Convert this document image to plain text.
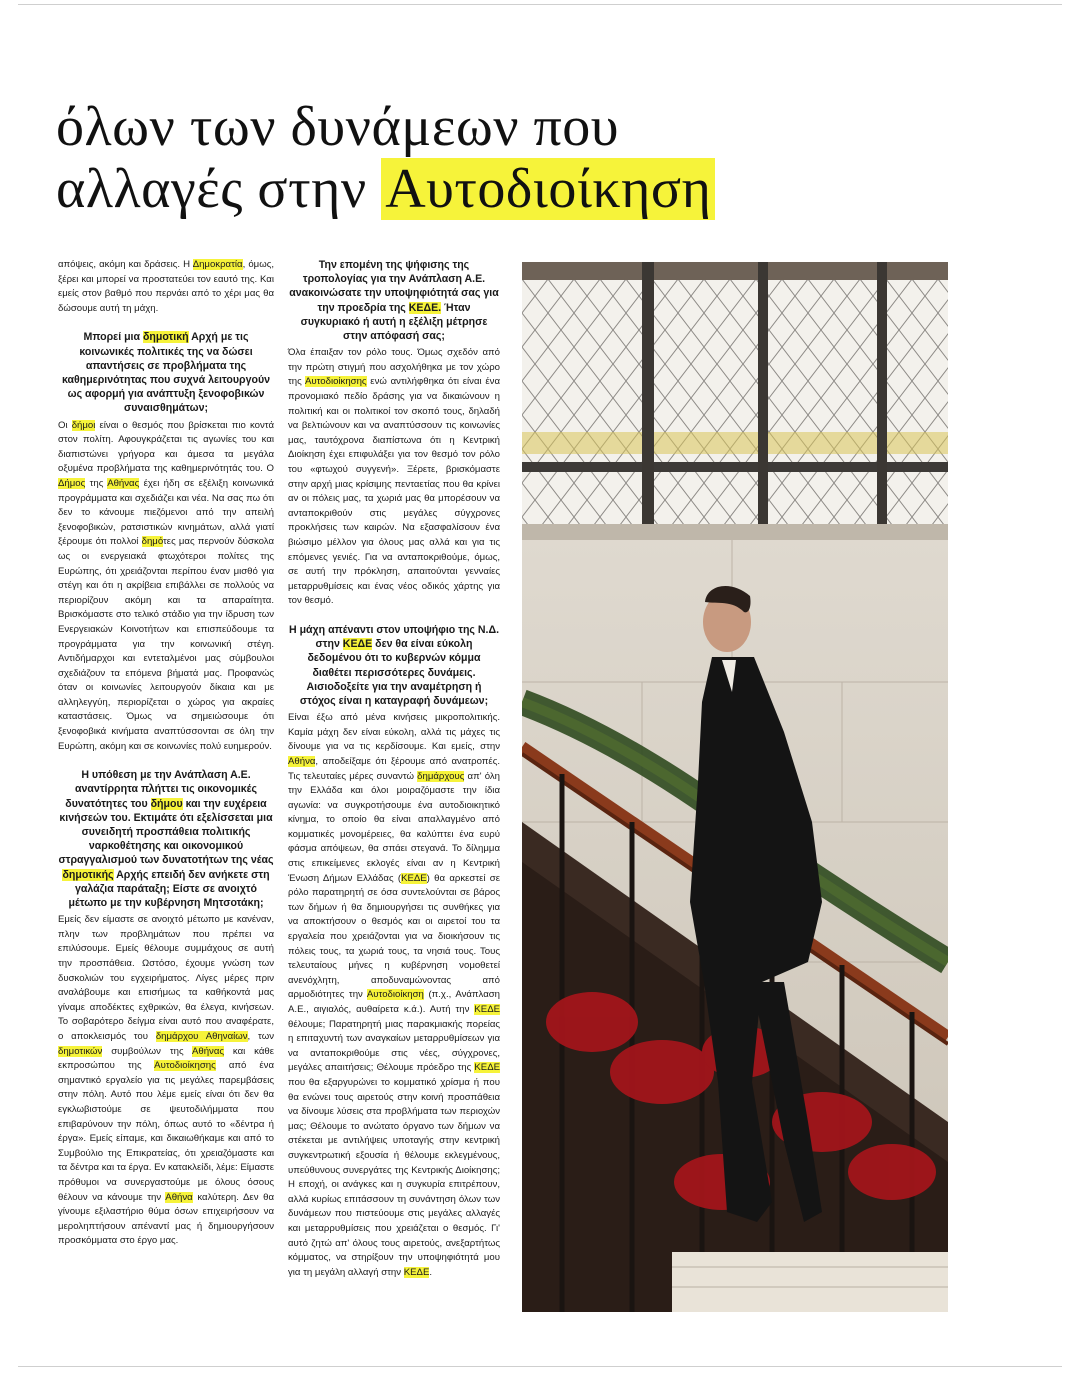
όλων των δυνάμεων που
αλλαγές στην Αυτοδιοίκηση

απόψεις, ακόμη και δράσεις. Η Δημοκρατία, όμως, ξέρει και μπορεί να προστατεύει τον εαυτό της. Και εμείς στον βαθμό που περνάει από το χέρι μας θα δώσουμε αυτή τη μάχη.

Μπορεί μια δημοτική Αρχή με τις κοινωνικές πολιτικές της να δώσει απαντήσεις σε προβλήματα της καθημερινότητας που συχνά λειτουργούν ως αφορμή για ανάπτυξη ξενοφοβικών συναισθημάτων;

Οι δήμοι είναι ο θεσμός που βρίσκεται πιο κοντά στον πολίτη. Αφουγκράζεται τις αγωνίες του και διαπιστώνει γρήγορα και άμεσα τα μεγάλα οξυμένα προβλήματα της καθημερινότητάς του. Ο Δήμος της Αθήνας έχει ήδη σε εξέλιξη κοινωνικά προγράμματα και σχεδιάζει και νέα. Να σας πω ότι δεν το κάνουμε πιεζόμενοι από την απειλή ξενοφοβικών, ρατσιστικών κινημάτων, αλλά γιατί ξέρουμε ότι πολλοί δημότες μας περνούν δύσκολα ως οι ενεργειακά φτωχότεροι πολίτες της Ευρώπης, ότι χρειάζονται περίπου έναν μισθό για στέγη και ότι η ακρίβεια επιβάλλει σε πολλούς να περιορίζουν ακόμη και τα απαραίτητα. Βρισκόμαστε στο τελικό στάδιο για την ίδρυση των Ενεργειακών Κοινοτήτων και επισπεύδουμε τα προγράμματα για την κοινωνική στέγη. Αντιδήμαρχοι και εντεταλμένοι μας σύμβουλοι σχεδιάζουν τα επόμενα βήματά μας. Προφανώς όταν οι κοινωνίες λειτουργούν δίκαια και με αλληλεγγύη, περιορίζεται ο χώρος για ακραίες καταστάσεις. Όμως να σημειώσουμε ότι ξενοφοβικά κινήματα αναπτύσσονται σε όλη την Ευρώπη, ακόμη και σε κοινωνίες πολύ ευημερούν.

Η υπόθεση με την Ανάπλαση Α.Ε. αναντίρρητα πλήττει τις οικονομικές δυνατότητες του δήμου και την ευχέρεια κινήσεών του. Εκτιμάτε ότι εξελίσσεται μια συνειδητή προσπάθεια πολιτικής ναρκοθέτησης και οικονομικού στραγγαλισμού των δυνατοτήτων της νέας δημοτικής Αρχής επειδή δεν ανήκετε στη γαλάζια παράταξη; Είστε σε ανοιχτό μέτωπο με την κυβέρνηση Μητσοτάκη;

Εμείς δεν είμαστε σε ανοιχτό μέτωπο με κανέναν, πλην των προβλημάτων που πρέπει να επιλύσουμε. Εμείς θέλουμε συμμάχους σε αυτή την προσπάθεια. Ωστόσο, έχουμε γνώση των δυσκολιών του εγχειρήματος. Λίγες μέρες πριν αναλάβουμε και επισήμως τα καθήκοντά μας γίναμε αποδέκτες εχθρικών, θα έλεγα, κινήσεων. Το σοβαρότερο δείγμα είναι αυτό που αναφέρατε, ο αποκλεισμός του δημάρχου Αθηναίων, των δημοτικών συμβούλων της Αθήνας και κάθε εκπροσώπου της Αυτοδιοίκησης από ένα σημαντικό εργαλείο για τις μεγάλες παρεμβάσεις στην πόλη. Αυτό που λέμε εμείς είναι ότι δεν θα εγκλωβιστούμε σε ψευτοδιλήμματα που επιβαρύνουν την πόλη, όπως αυτό το «δέντρα ή έργα». Εμείς είπαμε, και δικαιωθήκαμε και από το Συμβούλιο της Επικρατείας, ότι χρειαζόμαστε και τα δέντρα και τα έργα. Εν κατακλείδι, λέμε: Είμαστε πρόθυμοι να συνεργαστούμε με όλους όσους θέλουν να κάνουμε την Αθήνα καλύτερη. Δεν θα γίνουμε εξιλαστήριο θύμα όσων επιχειρήσουν να μεροληπτήσουν απέναντί μας ή δημιουργήσουν προσκόμματα στο έργο μας.

Την επομένη της ψήφισης της τροπολογίας για την Ανάπλαση Α.Ε. ανακοινώσατε την υποψηφιότητά σας για την προεδρία της ΚΕΔΕ. Ήταν συγκυριακό ή αυτή η εξέλιξη μέτρησε στην απόφασή σας;

Όλα έπαιξαν τον ρόλο τους. Όμως σχεδόν από την πρώτη στιγμή που ασχολήθηκα με τον χώρο της Αυτοδιοίκησης ενώ αντιλήφθηκα ότι είναι ένα προνομιακό πεδίο δράσης για να δικαιώνουν η πολιτική και οι πολιτικοί τον σκοπό τους, δηλαδή να βελτιώνουν και να αναπτύσσουν τις κοινωνίες μας, ταυτόχρονα διαπίστωνα ότι η Κεντρική Διοίκηση έχει επιφυλάξει για τον θεσμό τον ρόλο του «φτωχού συγγενή». Ξέρετε, βρισκόμαστε στην αρχή μιας κρίσιμης πενταετίας που θα κρίνει αν οι πόλεις μας, τα χωριά μας θα μπορέσουν να ανταποκριθούν στις μεγάλες σύγχρονες προκλήσεις των καιρών. Να εξασφαλίσουν ένα βιώσιμο μέλλον για όλους μας αλλά και για τις επόμενες γενιές. Για να ανταποκριθούμε, όμως, σε αυτή την πρόκληση, απαιτούνται γενναίες μεταρρυθμίσεις και ένας νέος οδικός χάρτης για τον θεσμό.

Η μάχη απέναντι στον υποψήφιο της Ν.Δ. στην ΚΕΔΕ δεν θα είναι εύκολη δεδομένου ότι το κυβερνών κόμμα διαθέτει περισσότερες δυνάμεις. Αισιοδοξείτε για την αναμέτρηση ή στόχος είναι η καταγραφή δυνάμεων;

Είναι έξω από μένα κινήσεις μικροπολιτικής. Καμία μάχη δεν είναι εύκολη, αλλά τις μάχες τις δίνουμε για να τις κερδίσουμε. Και εμείς, στην Αθήνα, αποδείξαμε ότι ξέρουμε από ανατροπές. Τις τελευταίες μέρες συναντώ δημάρχους απ' όλη την Ελλάδα και όλοι μοιραζόμαστε την ίδια αγωνία: να συγκροτήσουμε ένα αυτοδιοικητικό κίνημα, το οποίο θα είναι απαλλαγμένο από κομματικές μονομέρειες, θα καλύπτει ένα ευρύ φάσμα απόψεων, θα σπάει στεγανά. Το δίλημμα στις επικείμενες εκλογές είναι αν η Κεντρική Ένωση Δήμων Ελλάδας (ΚΕΔΕ) θα αρκεστεί σε ρόλο παρατηρητή σε όσα συντελούνται σε βάρος των δήμων ή θα δημιουργήσει τις συνθήκες για να αποκτήσουν ο θεσμός και οι αιρετοί του τα εργαλεία που χρειάζονται για να διοικήσουν τις πόλεις τους, τα χωριά τους, τα νησιά τους. Τους τελευταίους μήνες η κυβέρνηση νομοθετεί ανενόχλητη, αποδυναμώνοντας από αρμοδιότητες την Αυτοδιοίκηση (π.χ., Ανάπλαση Α.Ε., αιγιαλός, αυθαίρετα κ.ά.). Αυτή την ΚΕΔΕ θέλουμε; Παρατηρητή μιας παρακμιακής πορείας η επιταχυντή των αναγκαίων μεταρρυθμίσεων για να ανταποκριθούμε στις νέες, σύγχρονες, μεγάλες απαιτήσεις; Θέλουμε πρόεδρο της ΚΕΔΕ που θα εξαργυρώνει το κομματικό χρίσμα ή που θα ενώνει τους αιρετούς στην κοινή προσπάθεια να δίνουμε λύσεις στα προβλήματα των περιοχών μας; Θέλουμε το ανώτατο όργανο των δήμων να στέκεται με αντιλήψεις υποταγής στην κεντρική συγκεντρωτική εξουσία ή θέλουμε εκλεγμένους, υπεύθυνους συνεργάτες της Κεντρικής Διοίκησης; Η εποχή, οι ανάγκες και η συγκυρία επιτρέπουν, αλλά κυρίως επιτάσσουν τη συνάντηση όλων των δυνάμεων που πιστεύουμε στις μεγάλες αλλαγές και μεταρρυθμίσεις που χρειάζεται ο θεσμός. Γι' αυτό ζητώ απ' όλους τους αιρετούς, ανεξαρτήτως κόμματος, να στηρίξουν την υποψηφιότητά μου για τη μεγάλη αλλαγή στην ΚΕΔΕ.
